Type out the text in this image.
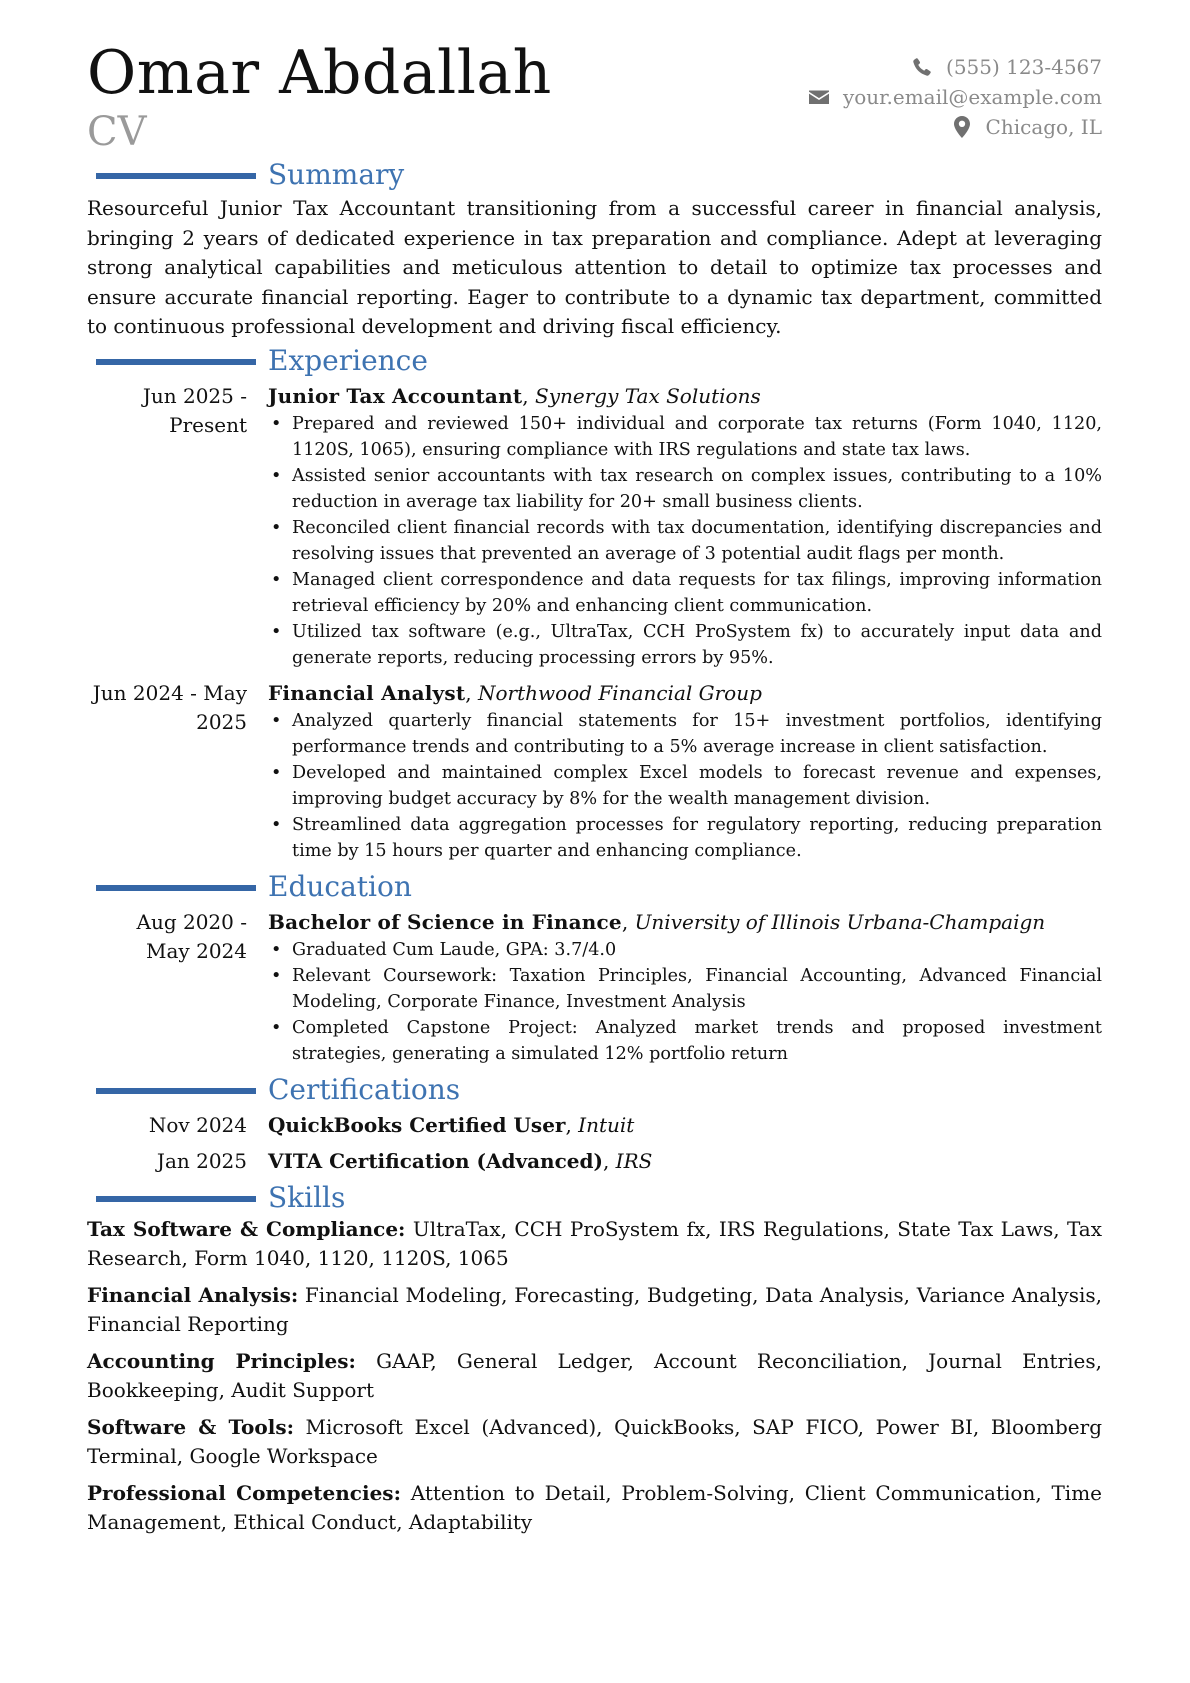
Omar Abdallah
CV
(555) 123-4567
your.email@example.com
Chicago, IL
Summary

Resourceful Junior Tax Accountant transitioning from a successful career in financial analysis, bringing 2 years of dedicated experience in tax preparation and compliance. Adept at leveraging strong analytical capabilities and meticulous attention to detail to optimize tax processes and ensure accurate financial reporting. Eager to contribute to a dynamic tax department, committed to continuous professional development and driving fiscal efficiency.

Experience
Jun 2025 - Present
Junior Tax Accountant, Synergy Tax Solutions
• Prepared and reviewed 150+ individual and corporate tax returns (Form 1040, 1120, 1120S, 1065), ensuring compliance with IRS regulations and state tax laws.
• Assisted senior accountants with tax research on complex issues, contributing to a 10% reduction in average tax liability for 20+ small business clients.
• Reconciled client financial records with tax documentation, identifying discrepancies and resolving issues that prevented an average of 3 potential audit flags per month.
• Managed client correspondence and data requests for tax filings, improving information retrieval efficiency by 20% and enhancing client communication.
• Utilized tax software (e.g., UltraTax, CCH ProSystem fx) to accurately input data and generate reports, reducing processing errors by 95%.
Jun 2024 - May 2025
Financial Analyst, Northwood Financial Group
• Analyzed quarterly financial statements for 15+ investment portfolios, identifying performance trends and contributing to a 5% average increase in client satisfaction.
• Developed and maintained complex Excel models to forecast revenue and expenses, improving budget accuracy by 8% for the wealth management division.
• Streamlined data aggregation processes for regulatory reporting, reducing preparation time by 15 hours per quarter and enhancing compliance.
Education
Aug 2020 - May 2024
Bachelor of Science in Finance, University of Illinois Urbana-Champaign
• Graduated Cum Laude, GPA: 3.7/4.0
• Relevant Coursework: Taxation Principles, Financial Accounting, Advanced Financial Modeling, Corporate Finance, Investment Analysis
• Completed Capstone Project: Analyzed market trends and proposed investment strategies, generating a simulated 12% portfolio return
Certifications
Nov 2024	QuickBooks Certified User, Intuit
Jan 2025	VITA Certification (Advanced), IRS
Skills

Tax Software & Compliance: UltraTax, CCH ProSystem fx, IRS Regulations, State Tax Laws, Tax Research, Form 1040, 1120, 1120S, 1065

Financial Analysis: Financial Modeling, Forecasting, Budgeting, Data Analysis, Variance Analysis, Financial Reporting

Accounting Principles: GAAP, General Ledger, Account Reconciliation, Journal Entries, Bookkeeping, Audit Support

Software & Tools: Microsoft Excel (Advanced), QuickBooks, SAP FICO, Power BI, Bloomberg Terminal, Google Workspace

Professional Competencies: Attention to Detail, Problem-Solving, Client Communication, Time Management, Ethical Conduct, Adaptability
